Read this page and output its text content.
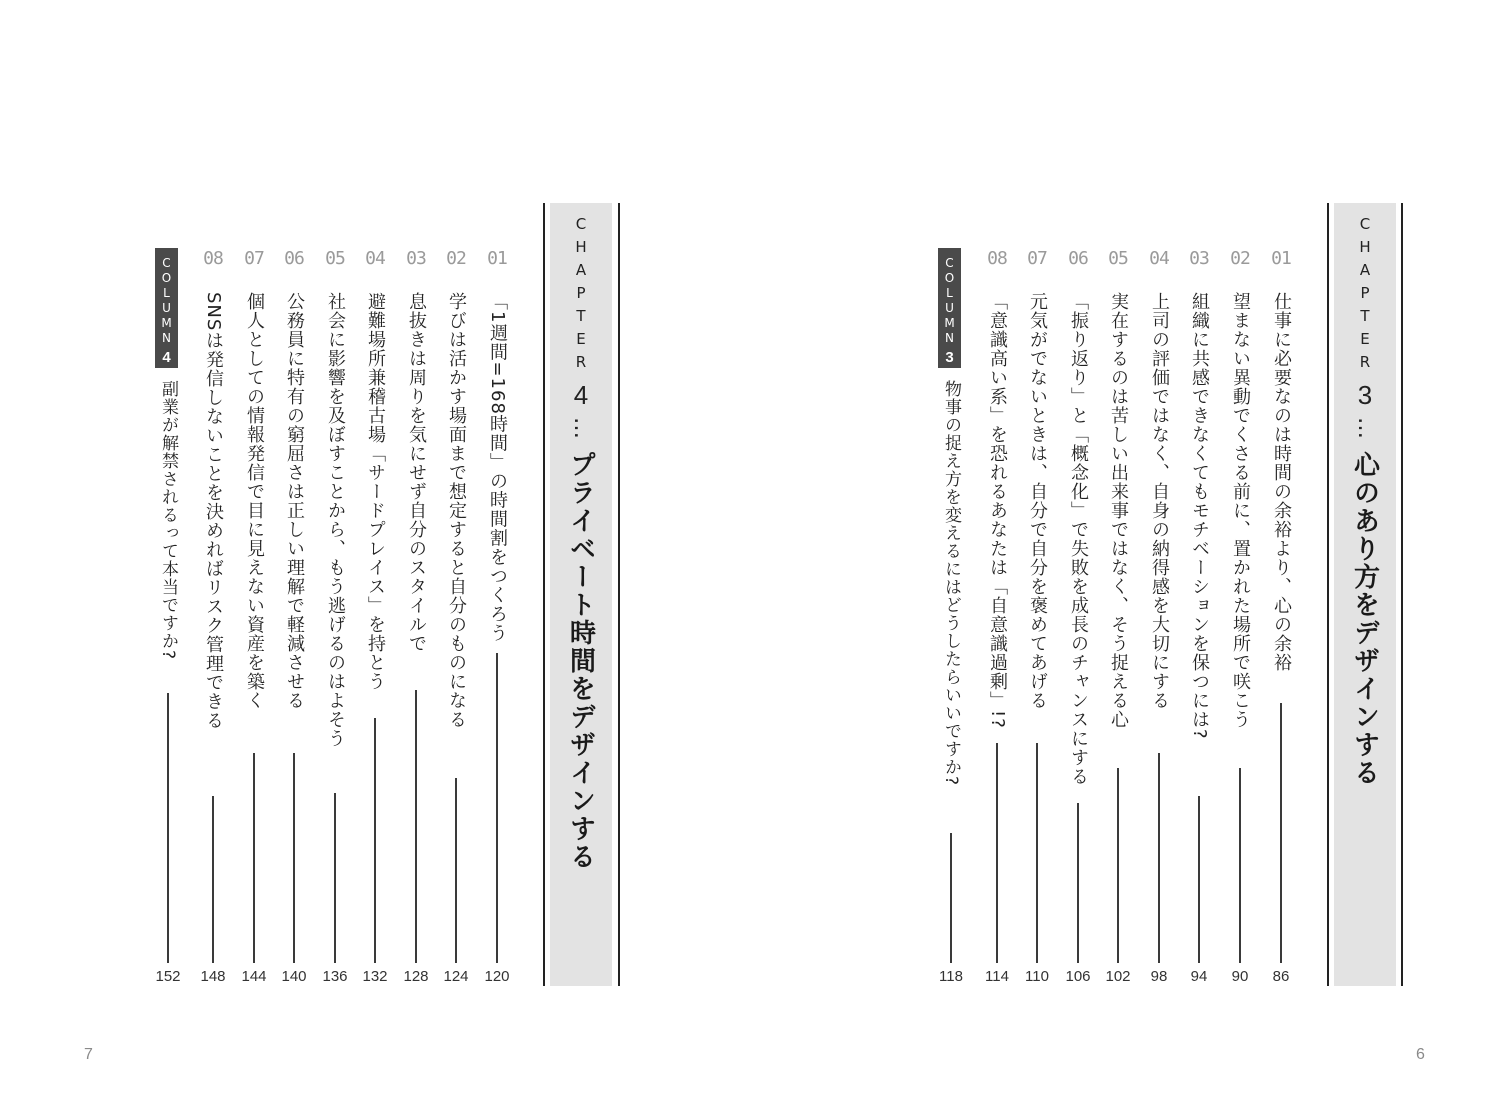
CHAPTER
4
…
プライベート時間をデザインする
01
「1週間=168時間」の時間割をつくろう
120
02
学びは活かす場面まで想定すると自分のものになる
124
03
息抜きは周りを気にせず自分のスタイルで
128
04
避難場所兼稽古場「サードプレイス」を持とう
132
05
社会に影響を及ぼすことから、もう逃げるのはよそう
136
06
公務員に特有の窮屈さは正しい理解で軽減させる
140
07
個人としての情報発信で目に見えない資産を築く
144
08
SNSは発信しないことを決めればリスク管理できる
148
COLUMN
4
副業が解禁されるって本当ですか?
152
7
CHAPTER
3
…
心のあり方をデザインする
01
仕事に必要なのは時間の余裕より、心の余裕
86
02
望まない異動でくさる前に、置かれた場所で咲こう
90
03
組織に共感できなくてもモチベーションを保つには?
94
04
上司の評価ではなく、自身の納得感を大切にする
98
05
実在するのは苦しい出来事ではなく、そう捉える心
102
06
「振り返り」と「概念化」で失敗を成長のチャンスにする
106
07
元気がでないときは、自分で自分を褒めてあげる
110
08
「意識高い系」を恐れるあなたは「自意識過剰」!?
114
COLUMN
3
物事の捉え方を変えるにはどうしたらいいですか?
118
6
